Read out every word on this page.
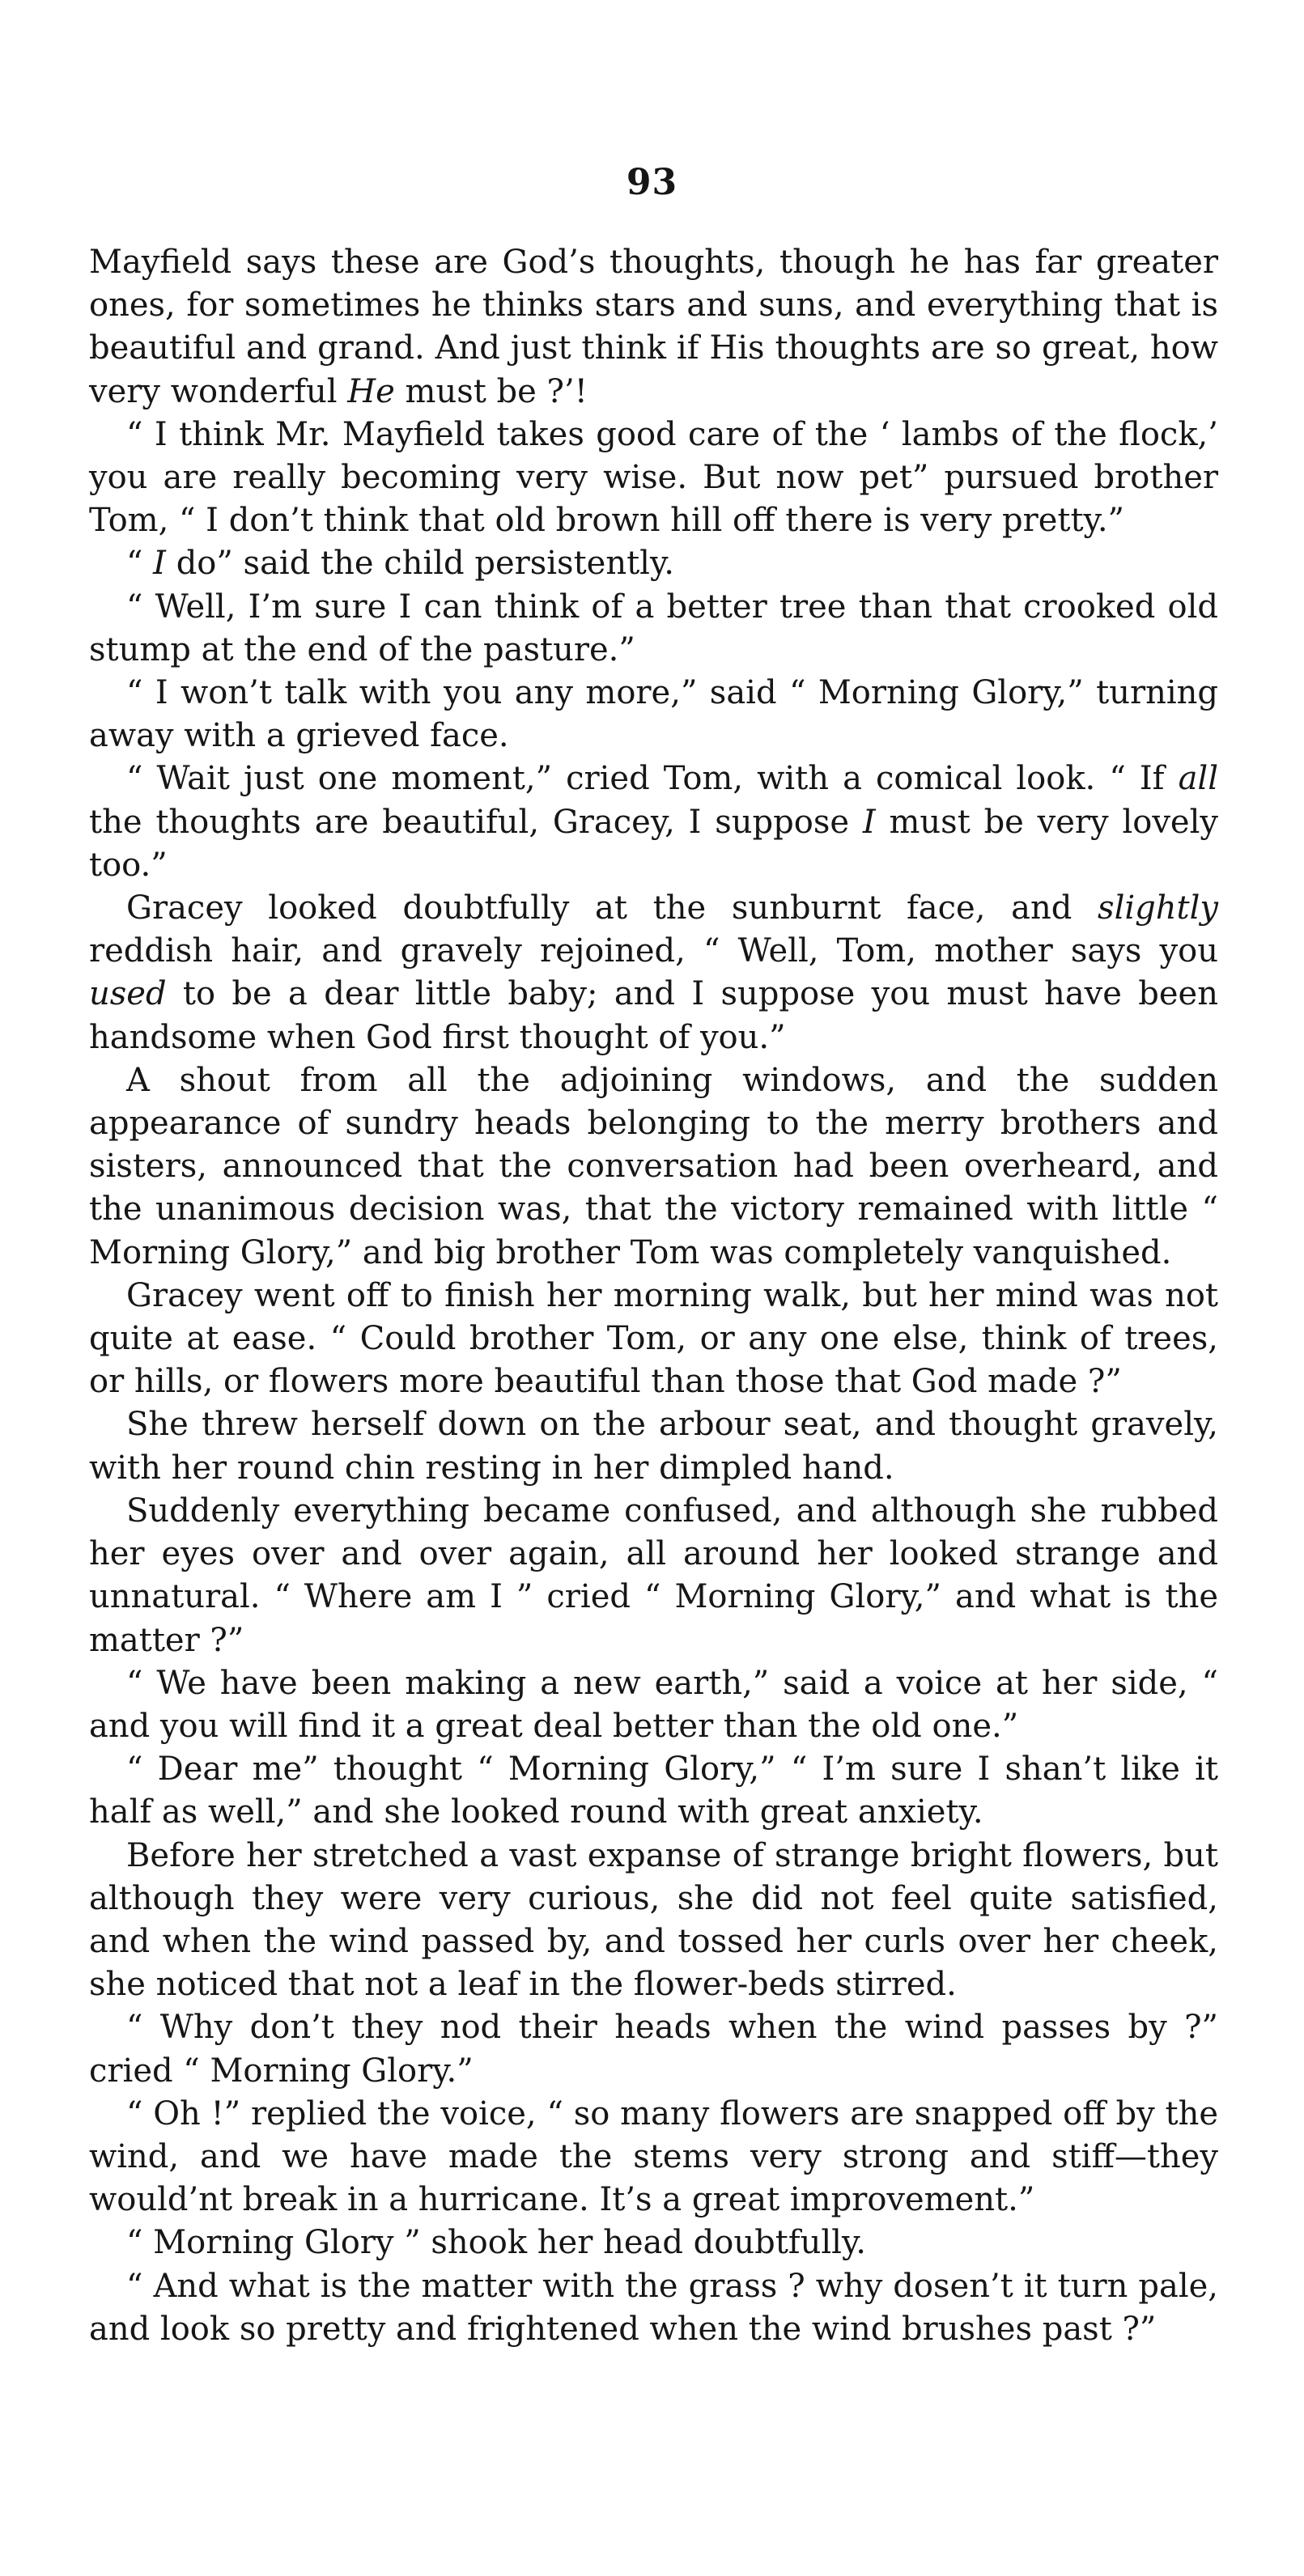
93

Mayfield says these are God’s thoughts, though he has far greater ones, for sometimes he thinks stars and suns, and everything that is beautiful and grand. And just think if His thoughts are so great, how very wonderful He must be ?’!

“ I think Mr. Mayfield takes good care of the ‘ lambs of the flock,’ you are really becoming very wise. But now pet” pursued brother Tom, “ I don’t think that old brown hill off there is very pretty.”

“ I do” said the child persistently.

“ Well, I’m sure I can think of a better tree than that crooked old stump at the end of the pasture.”

“ I won’t talk with you any more,” said “ Morning Glory,” turning away with a grieved face.

“ Wait just one moment,” cried Tom, with a comical look. “ If all the thoughts are beautiful, Gracey, I suppose I must be very lovely too.”

Gracey looked doubtfully at the sunburnt face, and slightly reddish hair, and gravely rejoined, “ Well, Tom, mother says you used to be a dear little baby; and I suppose you must have been handsome when God first thought of you.”

A shout from all the adjoining windows, and the sudden appearance of sundry heads belonging to the merry brothers and sisters, announced that the conversation had been overheard, and the unanimous decision was, that the victory remained with little “ Morning Glory,” and big brother Tom was completely vanquished.

Gracey went off to finish her morning walk, but her mind was not quite at ease. “ Could brother Tom, or any one else, think of trees, or hills, or flowers more beautiful than those that God made ?”

She threw herself down on the arbour seat, and thought gravely, with her round chin resting in her dimpled hand.

Suddenly everything became confused, and although she rubbed her eyes over and over again, all around her looked strange and unnatural. “ Where am I ” cried “ Morning Glory,” and what is the matter ?”

“ We have been making a new earth,” said a voice at her side, “ and you will find it a great deal better than the old one.”

“ Dear me” thought “ Morning Glory,” “ I’m sure I shan’t like it half as well,” and she looked round with great anxiety.

Before her stretched a vast expanse of strange bright flowers, but although they were very curious, she did not feel quite satisfied, and when the wind passed by, and tossed her curls over her cheek, she noticed that not a leaf in the flower-beds stirred.

“ Why don’t they nod their heads when the wind passes by ?” cried “ Morning Glory.”

“ Oh !” replied the voice, “ so many flowers are snapped off by the wind, and we have made the stems very strong and stiff—they would’nt break in a hurricane. It’s a great improvement.”

“ Morning Glory ” shook her head doubtfully.

“ And what is the matter with the grass ? why dosen’t it turn pale, and look so pretty and frightened when the wind brushes past ?”
